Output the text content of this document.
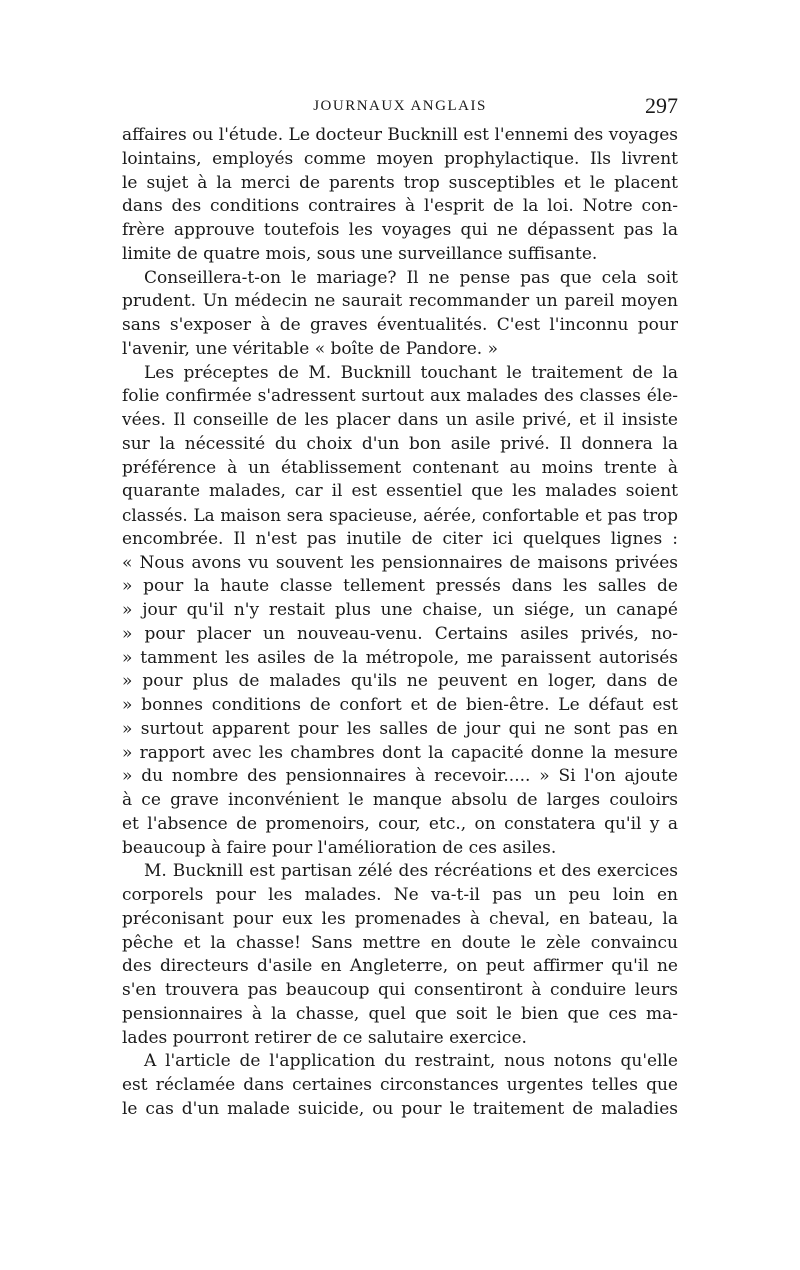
JOURNAUX ANGLAIS	297
affaires ou l'étude. Le docteur Bucknill est l'ennemi des voyages
lointains, employés comme moyen prophylactique. Ils livrent
le sujet à la merci de parents trop susceptibles et le placent
dans des conditions contraires à l'esprit de la loi. Notre con-
frère approuve toutefois les voyages qui ne dépassent pas la
limite de quatre mois, sous une surveillance suffisante.
Conseillera-t-on le mariage? Il ne pense pas que cela soit
prudent. Un médecin ne saurait recommander un pareil moyen
sans s'exposer à de graves éventualités. C'est l'inconnu pour
l'avenir, une véritable « boîte de Pandore. »
Les préceptes de M. Bucknill touchant le traitement de la
folie confirmée s'adressent surtout aux malades des classes éle-
vées. Il conseille de les placer dans un asile privé, et il insiste
sur la nécessité du choix d'un bon asile privé. Il donnera la
préférence à un établissement contenant au moins trente à
quarante malades, car il est essentiel que les malades soient
classés. La maison sera spacieuse, aérée, confortable et pas trop
encombrée. Il n'est pas inutile de citer ici quelques lignes :
« Nous avons vu souvent les pensionnaires de maisons privées
» pour la haute classe tellement pressés dans les salles de
» jour qu'il n'y restait plus une chaise, un siége, un canapé
» pour placer un nouveau-venu. Certains asiles privés, no-
» tamment les asiles de la métropole, me paraissent autorisés
» pour plus de malades qu'ils ne peuvent en loger, dans de
» bonnes conditions de confort et de bien-être. Le défaut est
» surtout apparent pour les salles de jour qui ne sont pas en
» rapport avec les chambres dont la capacité donne la mesure
» du nombre des pensionnaires à recevoir..... » Si l'on ajoute
à ce grave inconvénient le manque absolu de larges couloirs
et l'absence de promenoirs, cour, etc., on constatera qu'il y a
beaucoup à faire pour l'amélioration de ces asiles.
M. Bucknill est partisan zélé des récréations et des exercices
corporels pour les malades. Ne va-t-il pas un peu loin en
préconisant pour eux les promenades à cheval, en bateau, la
pêche et la chasse! Sans mettre en doute le zèle convaincu
des directeurs d'asile en Angleterre, on peut affirmer qu'il ne
s'en trouvera pas beaucoup qui consentiront à conduire leurs
pensionnaires à la chasse, quel que soit le bien que ces ma-
lades pourront retirer de ce salutaire exercice.
A l'article de l'application du restraint, nous notons qu'elle
est réclamée dans certaines circonstances urgentes telles que
le cas d'un malade suicide, ou pour le traitement de maladies
